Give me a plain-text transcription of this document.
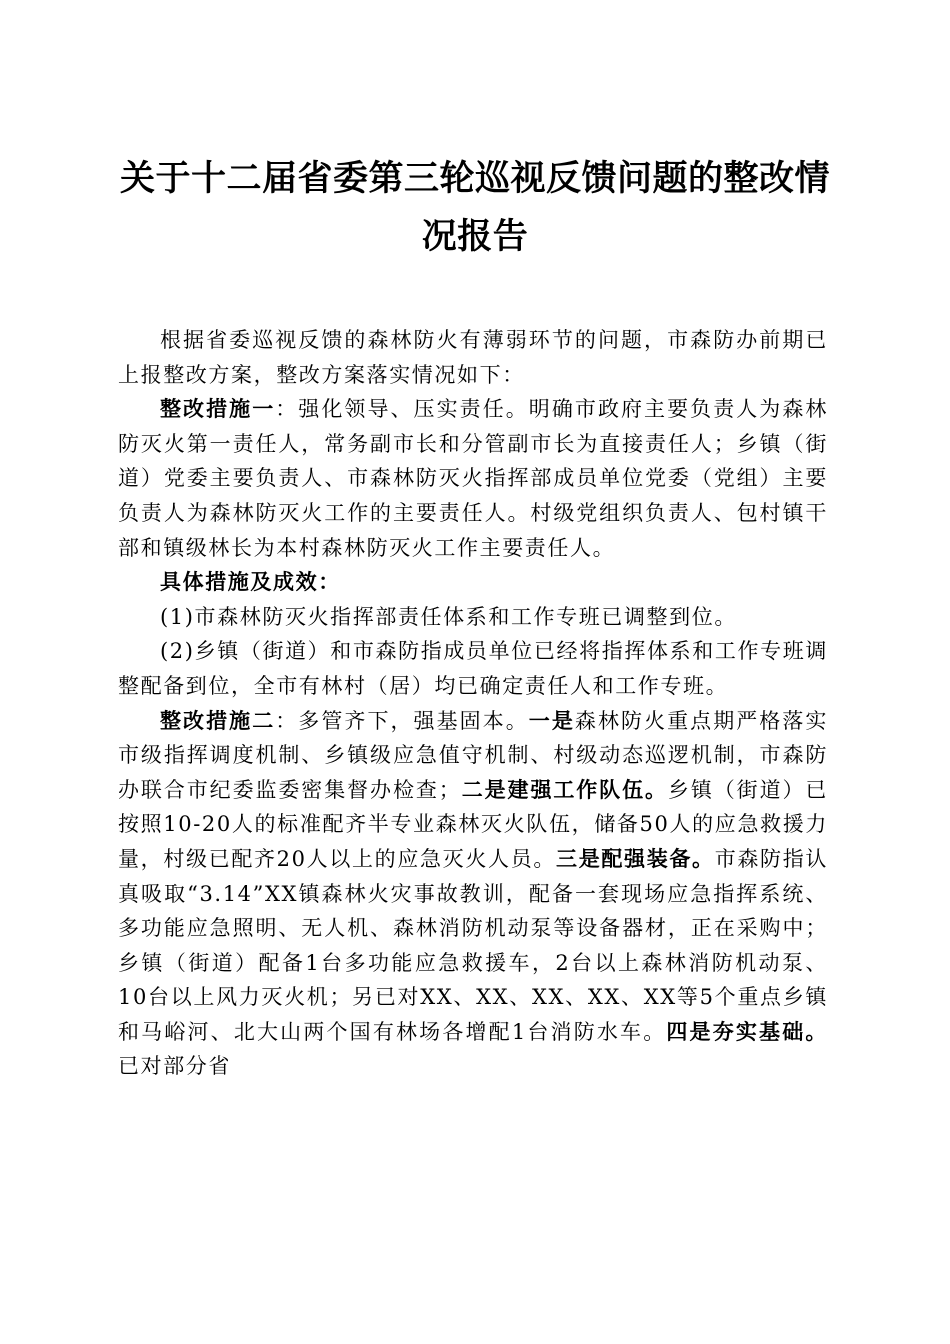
关于十二届省委第三轮巡视反馈问题的整改情
况报告

根据省委巡视反馈的森林防火有薄弱环节的问题，市森防办前期已上报整改方案，整改方案落实情况如下：

整改措施一：强化领导、压实责任。明确市政府主要负责人为森林防灭火第一责任人，常务副市长和分管副市长为直接责任人；乡镇（街道）党委主要负责人、市森林防灭火指挥部成员单位党委（党组）主要负责人为森林防灭火工作的主要责任人。村级党组织负责人、包村镇干部和镇级林长为本村森林防灭火工作主要责任人。

具体措施及成效：

(1)市森林防灭火指挥部责任体系和工作专班已调整到位。

(2)乡镇（街道）和市森防指成员单位已经将指挥体系和工作专班调整配备到位，全市有林村（居）均已确定责任人和工作专班。

整改措施二：多管齐下，强基固本。一是森林防火重点期严格落实市级指挥调度机制、乡镇级应急值守机制、村级动态巡逻机制，市森防办联合市纪委监委密集督办检查；二是建强工作队伍。乡镇（街道）已按照10-20人的标准配齐半专业森林灭火队伍，储备50人的应急救援力量，村级已配齐20人以上的应急灭火人员。三是配强装备。市森防指认真吸取“3.14”XX镇森林火灾事故教训，配备一套现场应急指挥系统、多功能应急照明、无人机、森林消防机动泵等设备器材，正在采购中；乡镇（街道）配备1台多功能应急救援车，2台以上森林消防机动泵、10台以上风力灭火机；另已对XX、XX、XX、XX、XX等5个重点乡镇和马峪河、北大山两个国有林场各增配1台消防水车。四是夯实基础。已对部分省
